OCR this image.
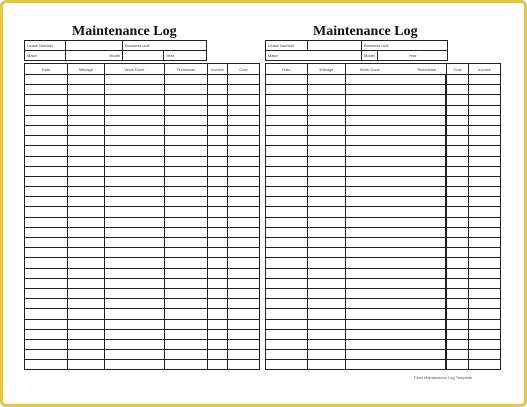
Maintenance Log
Lease Number		Business Unit	
Make	Model		Year
Date	Mileage	Work Done	Technician	Invoice	Cost

Maintenance Log
Lease Number		Business Unit	
Make		Model	Year
Date	Mileage	Work Done Technician	Cost	Invoice

Fleet Maintenance Log Template
